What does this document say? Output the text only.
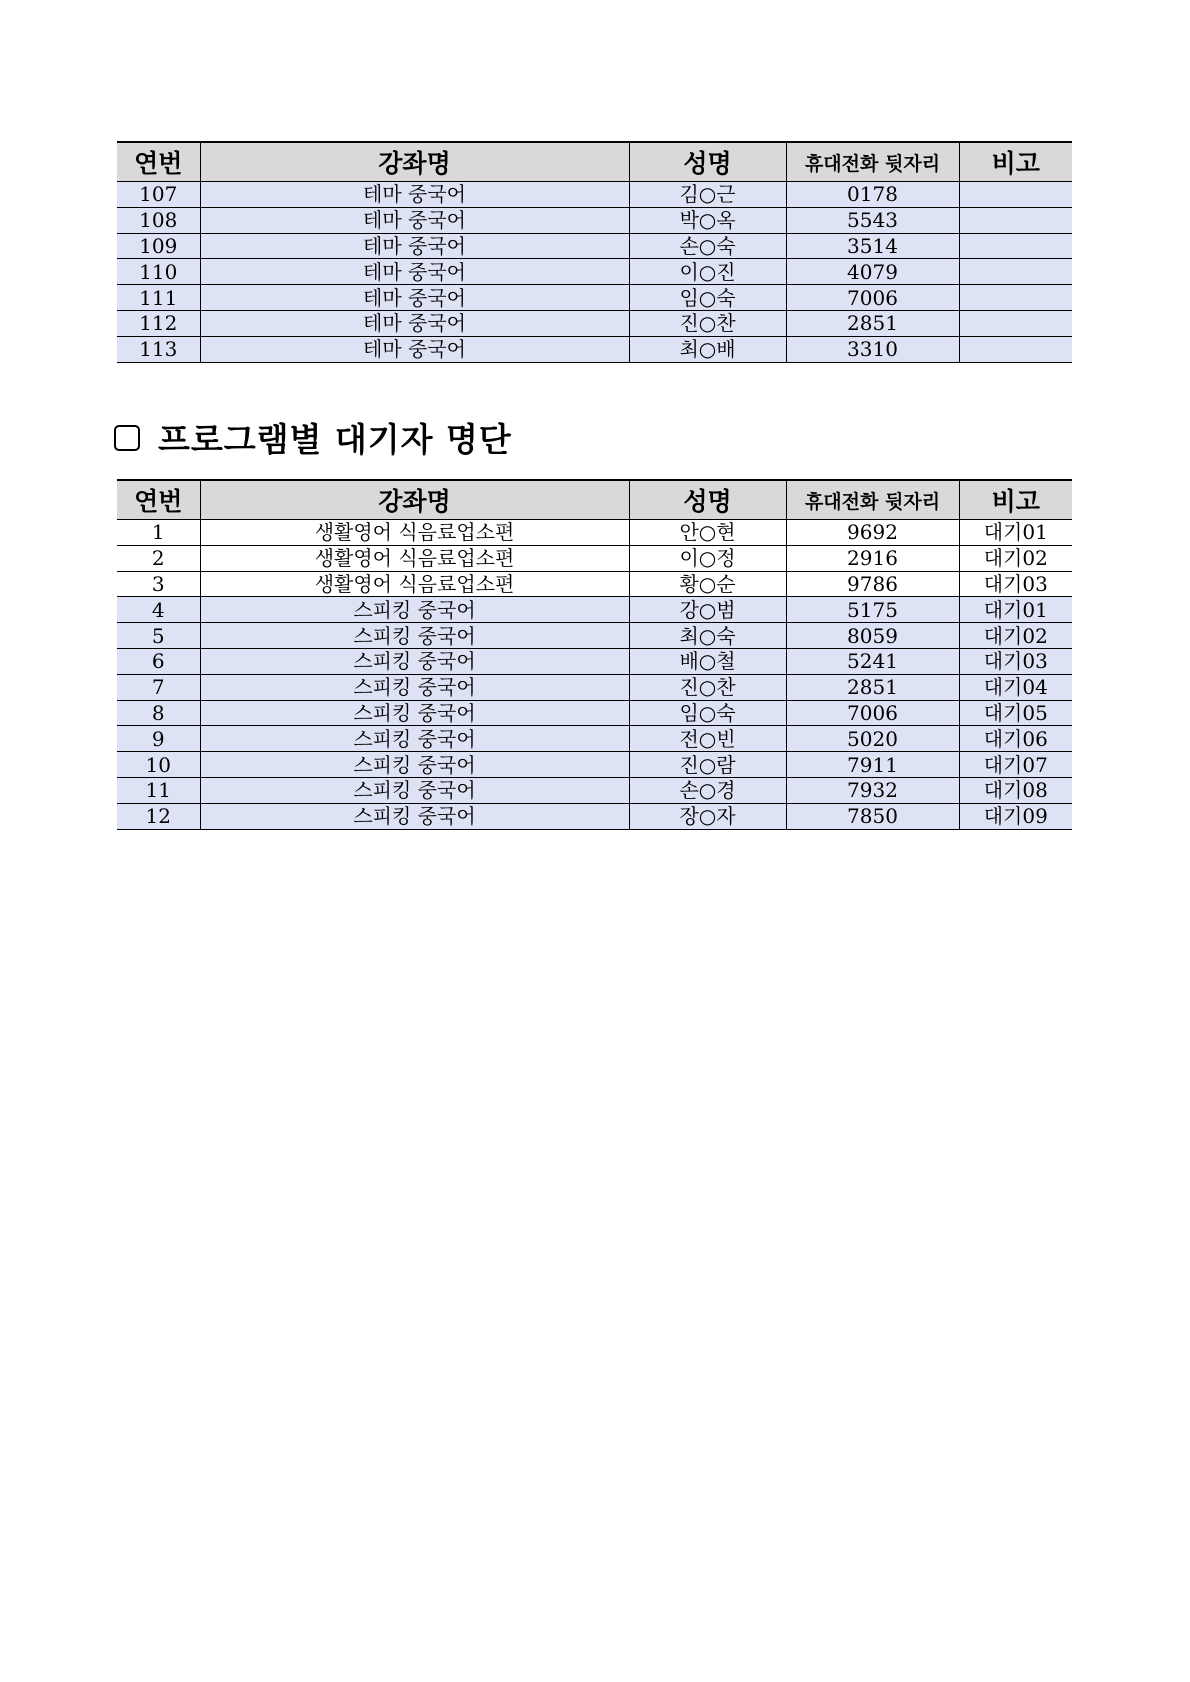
연번	강좌명	성명	휴대전화 뒷자리	비고
107	테마 중국어	김○근	0178	
108	테마 중국어	박○옥	5543	
109	테마 중국어	손○숙	3514	
110	테마 중국어	이○진	4079	
111	테마 중국어	임○숙	7006	
112	테마 중국어	진○찬	2851	
113	테마 중국어	최○배	3310	
프로그램별 대기자 명단
연번	강좌명	성명	휴대전화 뒷자리	비고
1	생활영어 식음료업소편	안○현	9692	대기01
2	생활영어 식음료업소편	이○정	2916	대기02
3	생활영어 식음료업소편	황○순	9786	대기03
4	스피킹 중국어	강○범	5175	대기01
5	스피킹 중국어	최○숙	8059	대기02
6	스피킹 중국어	배○철	5241	대기03
7	스피킹 중국어	진○찬	2851	대기04
8	스피킹 중국어	임○숙	7006	대기05
9	스피킹 중국어	전○빈	5020	대기06
10	스피킹 중국어	진○람	7911	대기07
11	스피킹 중국어	손○경	7932	대기08
12	스피킹 중국어	장○자	7850	대기09
